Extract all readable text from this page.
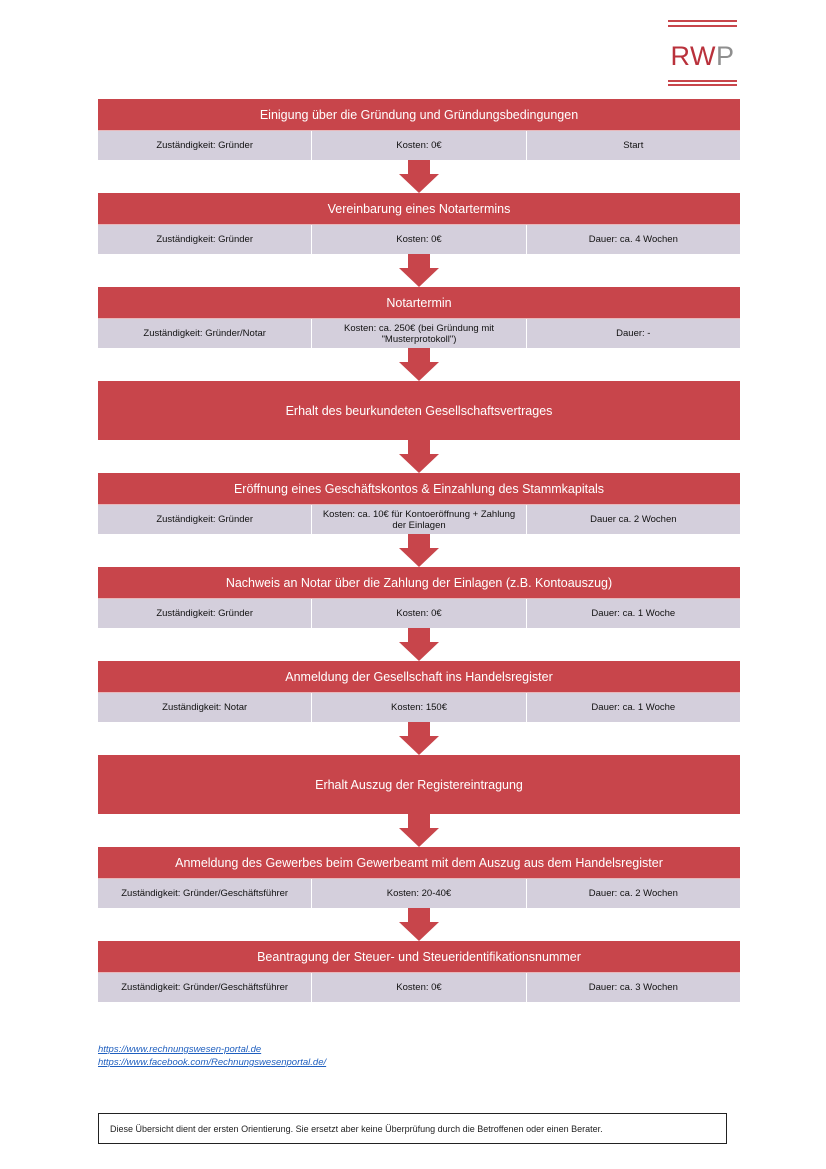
RWP
Einigung über die Gründung und Gründungsbedingungen
Zuständigkeit: Gründer	Kosten: 0€	Start
Vereinbarung eines Notartermins
Zuständigkeit: Gründer	Kosten: 0€	Dauer: ca. 4 Wochen
Notartermin
Zuständigkeit: Gründer/Notar	Kosten: ca. 250€ (bei Gründung mit "Musterprotokoll")	Dauer: -
Erhalt des beurkundeten Gesellschaftsvertrages
Eröffnung eines Geschäftskontos & Einzahlung des Stammkapitals
Zuständigkeit: Gründer	Kosten: ca. 10€ für Kontoeröffnung + Zahlung der Einlagen	Dauer ca. 2 Wochen
Nachweis an Notar über die Zahlung der Einlagen (z.B. Kontoauszug)
Zuständigkeit: Gründer	Kosten: 0€	Dauer: ca. 1 Woche
Anmeldung der Gesellschaft ins Handelsregister
Zuständigkeit: Notar	Kosten: 150€	Dauer: ca. 1 Woche
Erhalt Auszug der Registereintragung
Anmeldung des Gewerbes beim Gewerbeamt mit dem Auszug aus dem Handelsregister
Zuständigkeit: Gründer/Geschäftsführer	Kosten: 20-40€	Dauer: ca. 2 Wochen
Beantragung der Steuer- und Steueridentifikationsnummer
Zuständigkeit: Gründer/Geschäftsführer	Kosten: 0€	Dauer: ca. 3 Wochen
https://www.rechnungswesen-portal.de
https://www.facebook.com/Rechnungswesenportal.de/
Diese Übersicht dient der ersten Orientierung. Sie ersetzt aber keine Überprüfung durch die Betroffenen oder einen Berater.
